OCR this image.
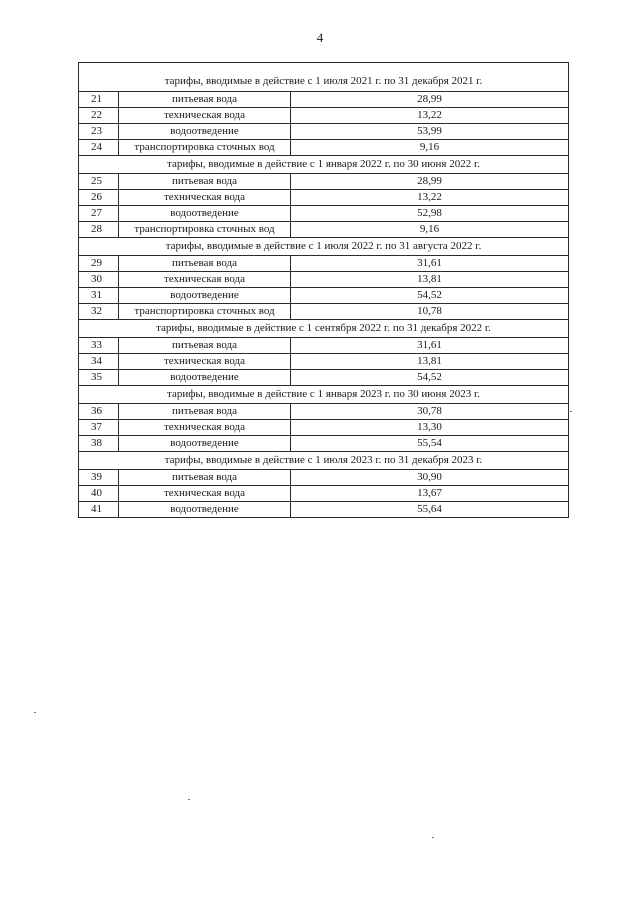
4
тарифы, вводимые в действие с 1 июля 2021 г. по 31 декабря 2021 г.		
21	питьевая вода	28,99
22	техническая вода	13,22
23	водоотведение	53,99
24	транспортировка сточных вод	9,16
тарифы, вводимые в действие с 1 января 2022 г. по 30 июня 2022 г.		
25	питьевая вода	28,99
26	техническая вода	13,22
27	водоотведение	52,98
28	транспортировка сточных вод	9,16
тарифы, вводимые в действие с 1 июля 2022 г. по 31 августа 2022 г.		
29	питьевая вода	31,61
30	техническая вода	13,81
31	водоотведение	54,52
32	транспортировка сточных вод	10,78
тарифы, вводимые в действие с 1 сентября 2022 г. по 31 декабря 2022 г.		
33	питьевая вода	31,61
34	техническая вода	13,81
35	водоотведение	54,52
тарифы, вводимые в действие с 1 января 2023 г. по 30 июня 2023 г.		
36	питьевая вода	30,78
37	техническая вода	13,30
38	водоотведение	55,54
тарифы, вводимые в действие с 1 июля 2023 г. по 31 декабря 2023 г.		
39	питьевая вода	30,90
40	техническая вода	13,67
41	водоотведение	55,64
